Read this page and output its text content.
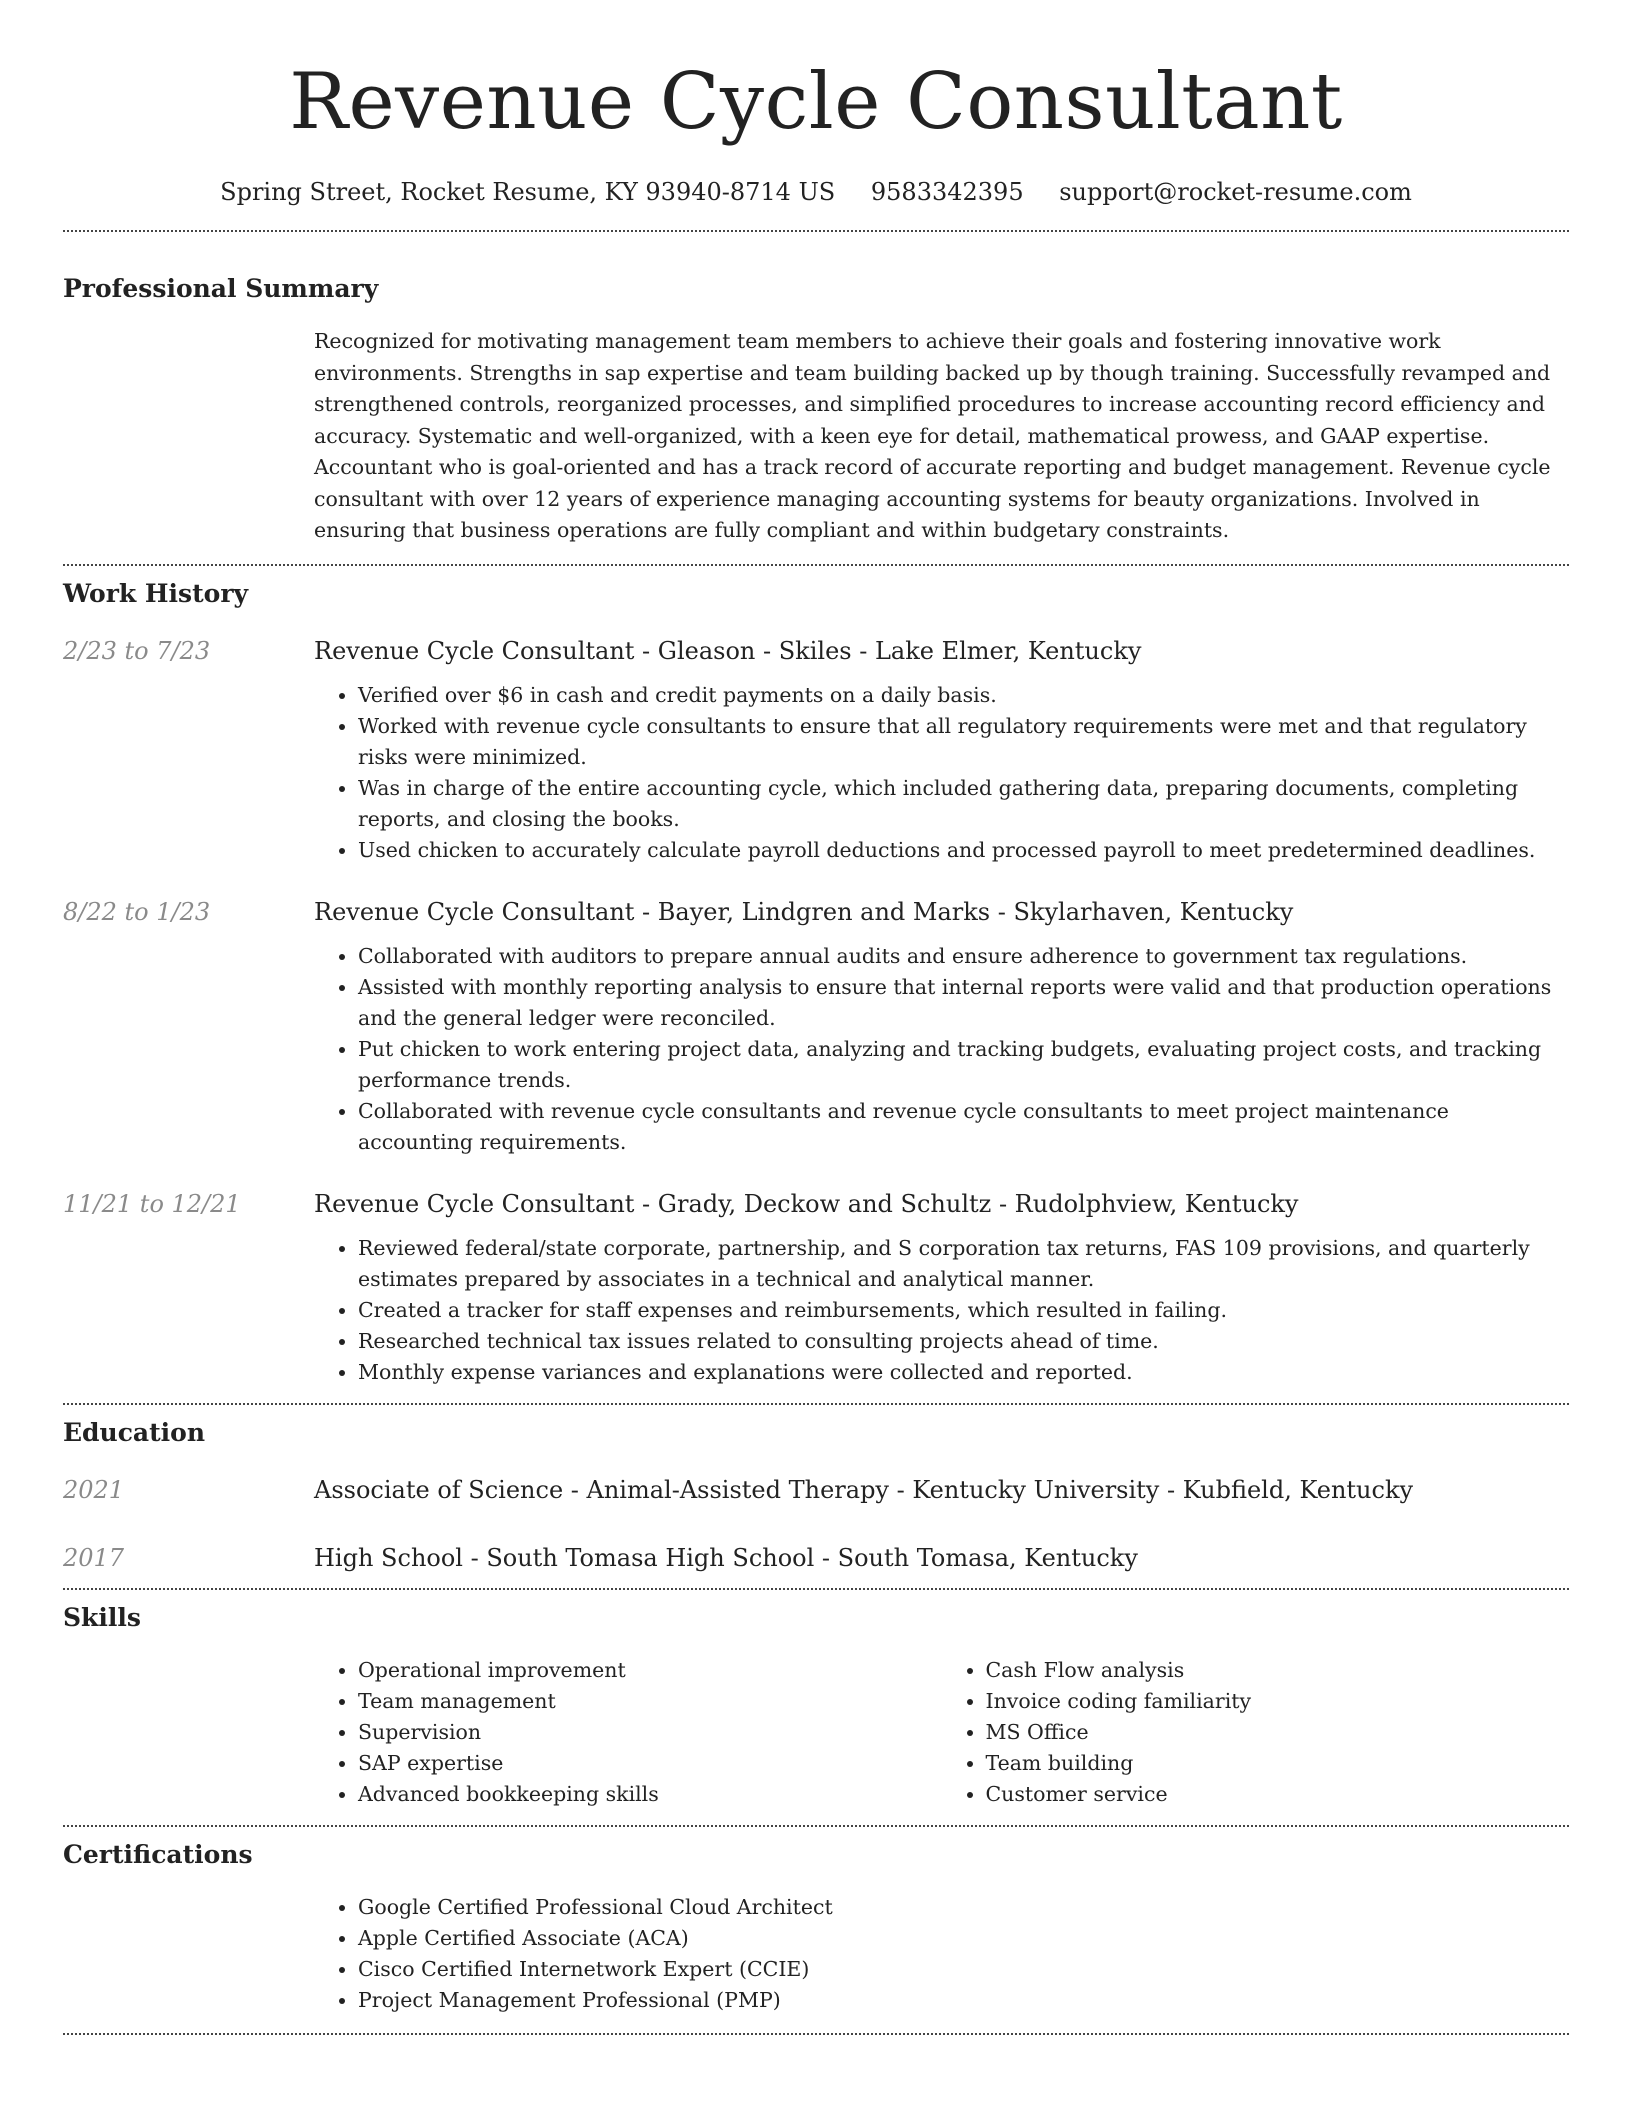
Revenue Cycle Consultant
Spring Street, Rocket Resume, KY 93940-8714 US 9583342395 support@rocket-resume.com
Professional Summary
Recognized for motivating management team members to achieve their goals and fostering innovative work environments. Strengths in sap expertise and team building backed up by though training. Successfully revamped and strengthened controls, reorganized processes, and simplified procedures to increase accounting record efficiency and accuracy. Systematic and well-organized, with a keen eye for detail, mathematical prowess, and GAAP expertise. Accountant who is goal-oriented and has a track record of accurate reporting and budget management. Revenue cycle consultant with over 12 years of experience managing accounting systems for beauty organizations. Involved in ensuring that business operations are fully compliant and within budgetary constraints.
Work History
2/23 to 7/23	Revenue Cycle Consultant - Gleason - Skiles - Lake Elmer, Kentucky
• Verified over $6 in cash and credit payments on a daily basis.
• Worked with revenue cycle consultants to ensure that all regulatory requirements were met and that regulatory risks were minimized.
• Was in charge of the entire accounting cycle, which included gathering data, preparing documents, completing reports, and closing the books.
• Used chicken to accurately calculate payroll deductions and processed payroll to meet predetermined deadlines.
8/22 to 1/23	Revenue Cycle Consultant - Bayer, Lindgren and Marks - Skylarhaven, Kentucky
• Collaborated with auditors to prepare annual audits and ensure adherence to government tax regulations.
• Assisted with monthly reporting analysis to ensure that internal reports were valid and that production operations and the general ledger were reconciled.
• Put chicken to work entering project data, analyzing and tracking budgets, evaluating project costs, and tracking performance trends.
• Collaborated with revenue cycle consultants and revenue cycle consultants to meet project maintenance accounting requirements.
11/21 to 12/21	Revenue Cycle Consultant - Grady, Deckow and Schultz - Rudolphview, Kentucky
• Reviewed federal/state corporate, partnership, and S corporation tax returns, FAS 109 provisions, and quarterly estimates prepared by associates in a technical and analytical manner.
• Created a tracker for staff expenses and reimbursements, which resulted in failing.
• Researched technical tax issues related to consulting projects ahead of time.
• Monthly expense variances and explanations were collected and reported.
Education
2021	Associate of Science - Animal-Assisted Therapy - Kentucky University - Kubfield, Kentucky
2017	High School - South Tomasa High School - South Tomasa, Kentucky
Skills
• Operational improvement
• Team management
• Supervision
• SAP expertise
• Advanced bookkeeping skills
• Cash Flow analysis
• Invoice coding familiarity
• MS Office
• Team building
• Customer service
Certifications
• Google Certified Professional Cloud Architect
• Apple Certified Associate (ACA)
• Cisco Certified Internetwork Expert (CCIE)
• Project Management Professional (PMP)
